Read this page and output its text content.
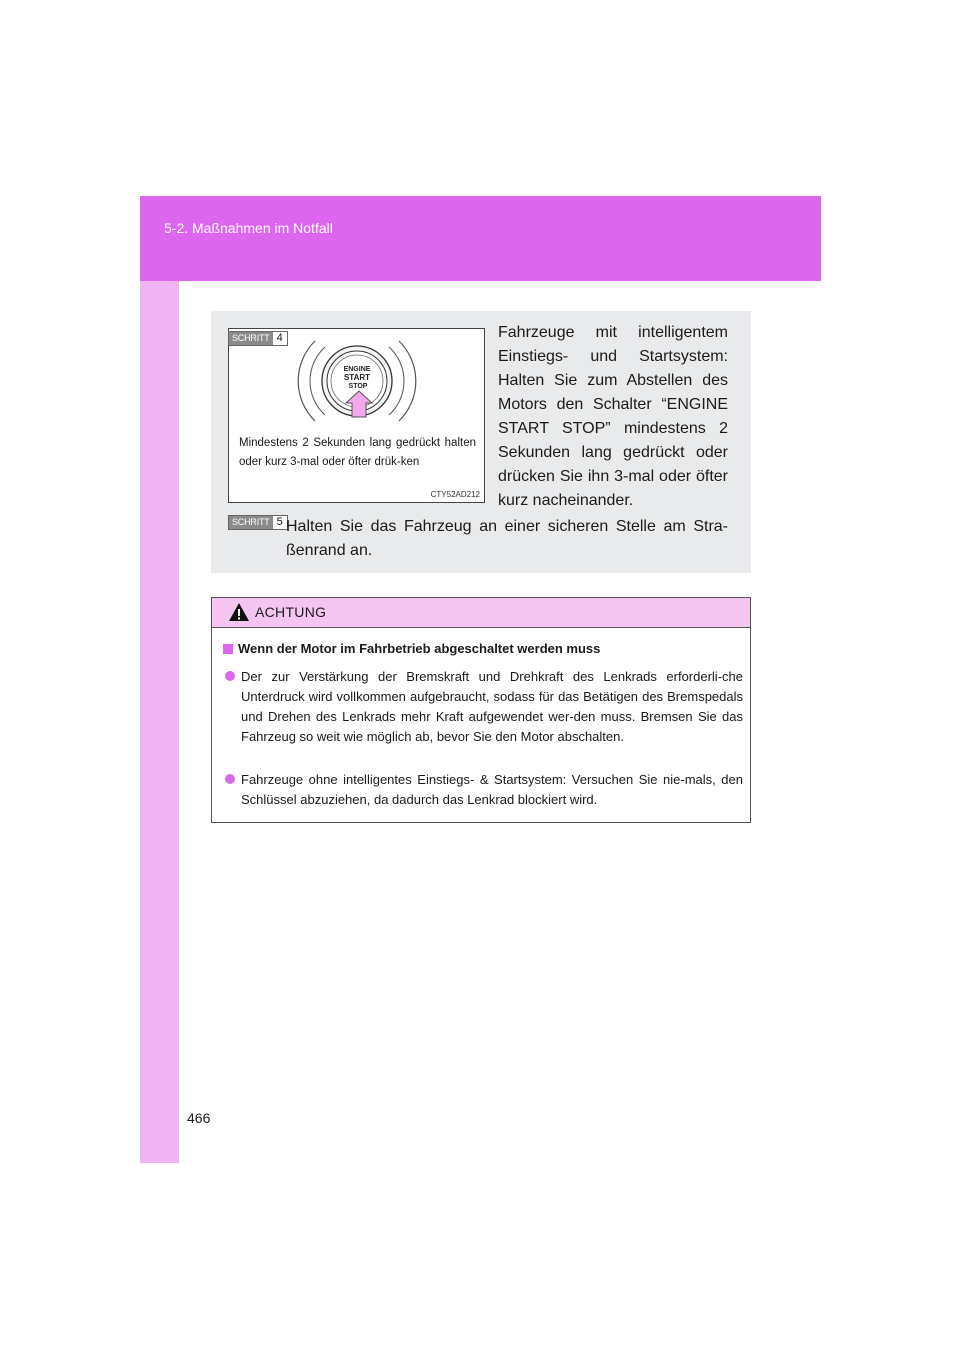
5-2. Maßnahmen im Notfall
SCHRITT 4
ENGINE
START
STOP
Mindestens 2 Sekunden lang gedrückt halten oder kurz 3-mal oder öfter drük-ken
CTY52AD212

Fahrzeuge mit intelligentem Einstiegs- und Startsystem: Halten Sie zum Abstellen des Motors den Schalter “ENGINE START STOP” mindestens 2 Sekunden lang gedrückt oder drücken Sie ihn 3-mal oder öfter kurz nacheinander.

SCHRITT 5 Halten Sie das Fahrzeug an einer sicheren Stelle am Stra-ßenrand an.

ACHTUNG
Wenn der Motor im Fahrbetrieb abgeschaltet werden muss
Der zur Verstärkung der Bremskraft und Drehkraft des Lenkrads erforderli-che Unterdruck wird vollkommen aufgebraucht, sodass für das Betätigen des Bremspedals und Drehen des Lenkrads mehr Kraft aufgewendet wer-den muss. Bremsen Sie das Fahrzeug so weit wie möglich ab, bevor Sie den Motor abschalten.
Fahrzeuge ohne intelligentes Einstiegs- & Startsystem: Versuchen Sie nie-mals, den Schlüssel abzuziehen, da dadurch das Lenkrad blockiert wird.
466
